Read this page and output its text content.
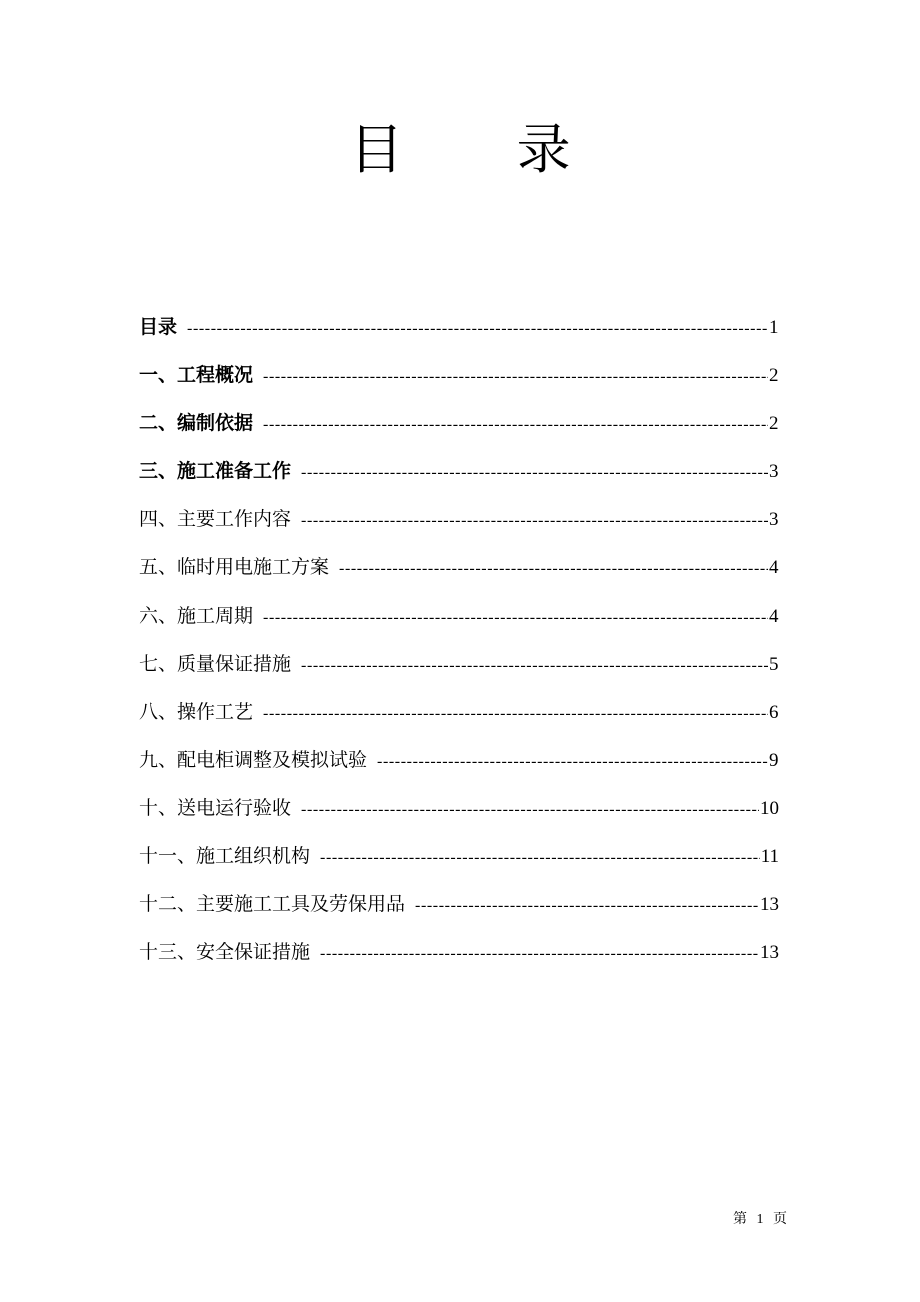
目 录
目录 -----	1
一、工程概况 -----	2
二、编制依据 -----	2
三、施工准备工作 -----	3
四、主要工作内容 -----	3
五、临时用电施工方案 -----	4
六、施工周期 -----	4
七、质量保证措施 -----	5
八、操作工艺 -----	6
九、配电柜调整及模拟试验 -----	9
十、送电运行验收 -----	10
十一、施工组织机构 -----	11
十二、主要施工工具及劳保用品 -----	13
十三、安全保证措施 -----	13
第 1 页
